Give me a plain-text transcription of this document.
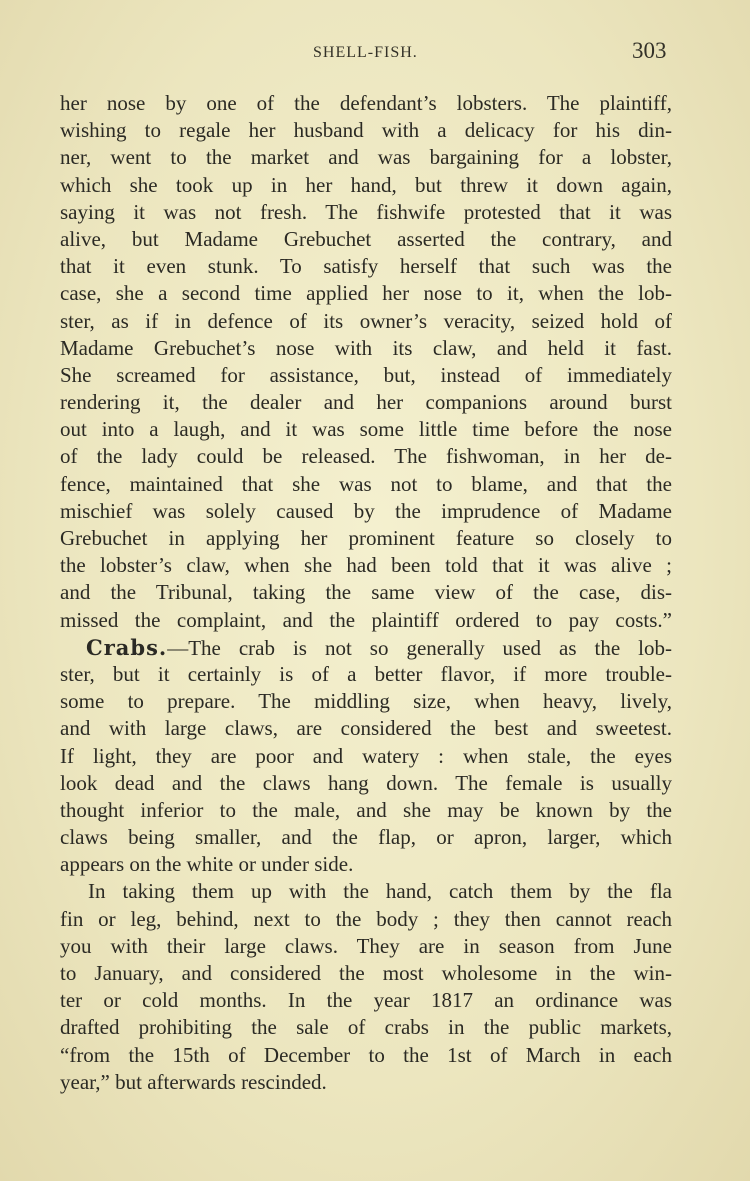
SHELL-FISH.	303
her nose by one of the defendant’s lobsters. The plaintiff,
wishing to regale her husband with a delicacy for his din-
ner, went to the market and was bargaining for a lobster,
which she took up in her hand, but threw it down again,
saying it was not fresh. The fishwife protested that it was
alive, but Madame Grebuchet asserted the contrary, and
that it even stunk. To satisfy herself that such was the
case, she a second time applied her nose to it, when the lob-
ster, as if in defence of its owner’s veracity, seized hold of
Madame Grebuchet’s nose with its claw, and held it fast.
She screamed for assistance, but, instead of immediately
rendering it, the dealer and her companions around burst
out into a laugh, and it was some little time before the nose
of the lady could be released. The fishwoman, in her de-
fence, maintained that she was not to blame, and that the
mischief was solely caused by the imprudence of Madame
Grebuchet in applying her prominent feature so closely to
the lobster’s claw, when she had been told that it was alive ;
and the Tribunal, taking the same view of the case, dis-
missed the complaint, and the plaintiff ordered to pay costs.”
Crabs.—The crab is not so generally used as the lob-
ster, but it certainly is of a better flavor, if more trouble-
some to prepare. The middling size, when heavy, lively,
and with large claws, are considered the best and sweetest.
If light, they are poor and watery : when stale, the eyes
look dead and the claws hang down. The female is usually
thought inferior to the male, and she may be known by the
claws being smaller, and the flap, or apron, larger, which
appears on the white or under side.
In taking them up with the hand, catch them by the fla
fin or leg, behind, next to the body ; they then cannot reach
you with their large claws. They are in season from June
to January, and considered the most wholesome in the win-
ter or cold months. In the year 1817 an ordinance was
drafted prohibiting the sale of crabs in the public markets,
“from the 15th of December to the 1st of March in each
year,” but afterwards rescinded.
